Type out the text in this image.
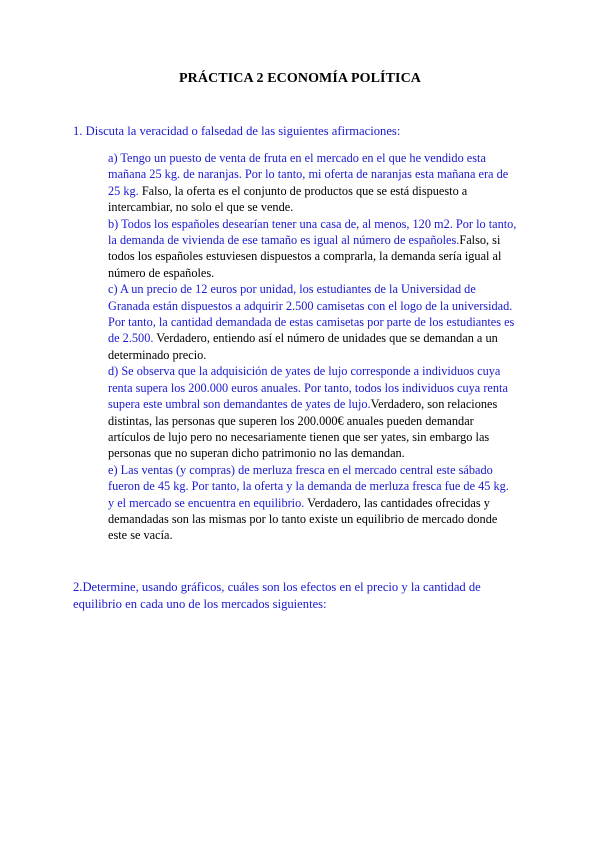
PRÁCTICA 2 ECONOMÍA POLÍTICA
1. Discuta la veracidad o falsedad de las siguientes afirmaciones:

a) Tengo un puesto de venta de fruta en el mercado en el que he vendido esta mañana 25 kg. de naranjas. Por lo tanto, mi oferta de naranjas esta mañana era de 25 kg. Falso, la oferta es el conjunto de productos que se está dispuesto a intercambiar, no solo el que se vende.

b) Todos los españoles desearían tener una casa de, al menos, 120 m2. Por lo tanto, la demanda de vivienda de ese tamaño es igual al número de españoles.Falso, si todos los españoles estuviesen dispuestos a comprarla, la demanda sería igual al número de españoles.

c) A un precio de 12 euros por unidad, los estudiantes de la Universidad de Granada están dispuestos a adquirir 2.500 camisetas con el logo de la universidad. Por tanto, la cantidad demandada de estas camisetas por parte de los estudiantes es de 2.500. Verdadero, entiendo así el número de unidades que se demandan a un determinado precio.

d) Se observa que la adquisición de yates de lujo corresponde a individuos cuya renta supera los 200.000 euros anuales. Por tanto, todos los individuos cuya renta supera este umbral son demandantes de yates de lujo.Verdadero, son relaciones distintas, las personas que superen los 200.000€ anuales pueden demandar artículos de lujo pero no necesariamente tienen que ser yates, sin embargo las personas que no superan dicho patrimonio no las demandan.

e) Las ventas (y compras) de merluza fresca en el mercado central este sábado fueron de 45 kg. Por tanto, la oferta y la demanda de merluza fresca fue de 45 kg. y el mercado se encuentra en equilibrio. Verdadero, las cantidades ofrecidas y demandadas son las mismas por lo tanto existe un equilibrio de mercado donde este se vacía.

2.Determine, usando gráficos, cuáles son los efectos en el precio y la cantidad de equilibrio en cada uno de los mercados siguientes:
